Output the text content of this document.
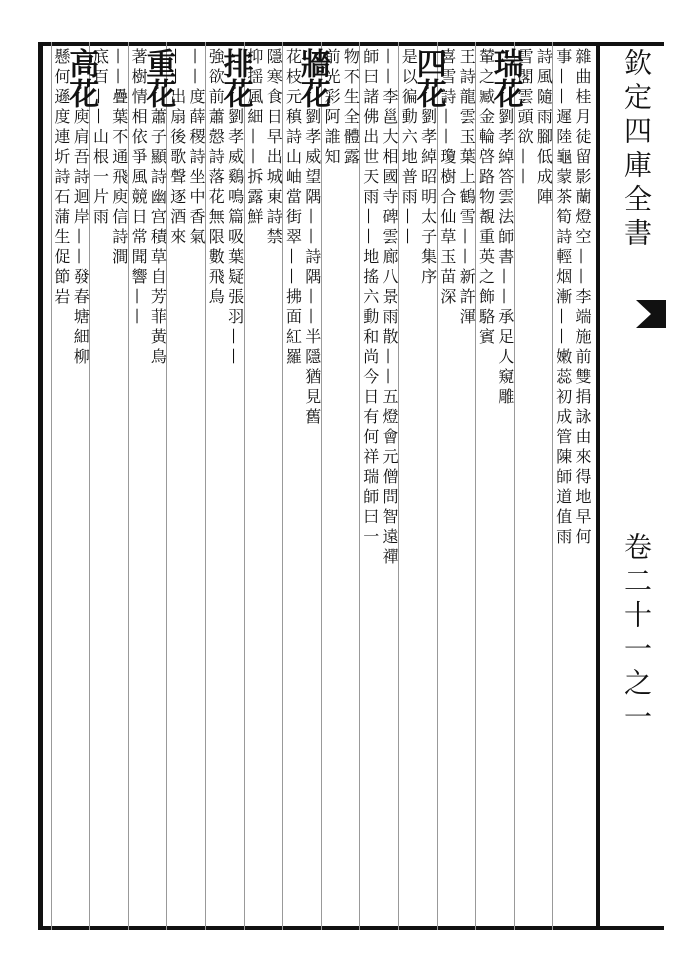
欽定四庫全書  卷二十一之一
雜曲桂月徒留影蘭燈空——李端施前雙捐詠由來得地早何
事——遲陸龜蒙茶筍詩輕烟漸——嫩蕊初成管陳師道值雨
詩風隨雨腳低成陣
雪閣雲頭欲——
瑞花劉孝綽答雲法師書——承足人窺雕
輦之臧金輪啓路物覩重英之飾駱賓
王詩龍雲玉葉上鶴雪——新許渾
喜雪詩——瓊樹合仙草玉苗深
四花劉孝綽昭明太子集序
是以徧動六地普雨——
——李邕大相國寺碑雲廊八景雨散——五燈會元僧問智遠禪
師曰諸佛出世天雨——地搖六動和尚今日有何祥瑞師曰一
物不生全體露
前光彩阿誰知
牆花劉孝威望隅——詩隅——半隱猶見舊
花枝元稹詩山岫當街翠——拂面紅羅
隱寒食日早出城東詩禁
抑揺風細——拆露鮮
排花劉孝威鷄鳴篇吸葉疑張羽——
強欲前蕭慤詩落花無限數飛鳥
——度薛稷詩坐中香氣
——出扇後歌聲逐酒來
重花蕭子顯詩幽宫積草自芳菲黃鳥
著樹情相依爭風競日常聞響——
——疊葉不通飛庾信詩澗
底百——山根一片雨
高花庾肩吾詩迴岸——發春塘細柳
懸何遜度連圻詩石蒲生促節岩
